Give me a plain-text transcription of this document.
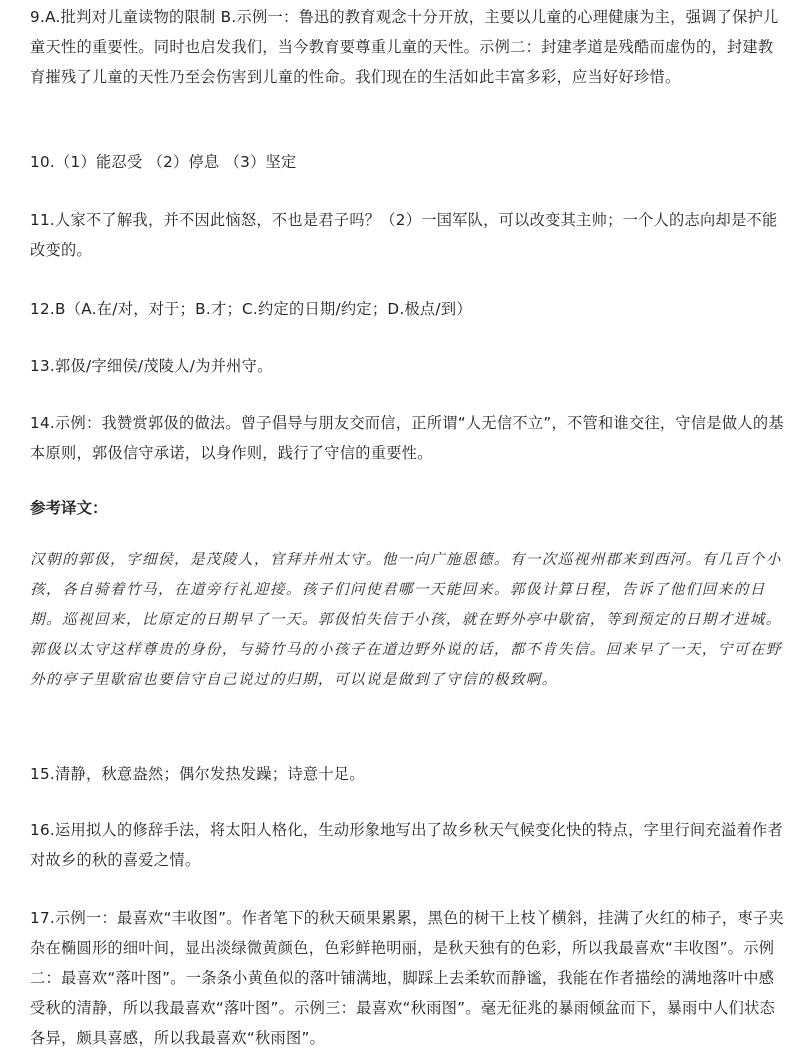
9.A.批判对儿童读物的限制 B.示例一：鲁迅的教育观念十分开放，主要以儿童的心理健康为主，强调了保护儿童天性的重要性。同时也启发我们，当今教育要尊重儿童的天性。示例二：封建孝道是残酷而虚伪的，封建教育摧残了儿童的天性乃至会伤害到儿童的性命。我们现在的生活如此丰富多彩，应当好好珍惜。

10.（1）能忍受 （2）停息 （3）坚定

11.人家不了解我，并不因此恼怒，不也是君子吗？（2）一国军队，可以改变其主帅；一个人的志向却是不能改变的。

12.B（A.在/对，对于；B.才；C.约定的日期/约定；D.极点/到）

13.郭伋/字细侯/茂陵人/为并州守。

14.示例：我赞赏郭伋的做法。曾子倡导与朋友交而信，正所谓“人无信不立”，不管和谁交往，守信是做人的基本原则，郭伋信守承诺，以身作则，践行了守信的重要性。

参考译文：

汉朝的郭伋，字细侯，是茂陵人，官拜并州太守。他一向广施恩德。有一次巡视州郡来到西河。有几百个小孩，各自骑着竹马，在道旁行礼迎接。孩子们问使君哪一天能回来。郭伋计算日程，告诉了他们回来的日期。巡视回来，比原定的日期早了一天。郭伋怕失信于小孩，就在野外亭中歇宿，等到预定的日期才进城。郭伋以太守这样尊贵的身份，与骑竹马的小孩子在道边野外说的话，都不肯失信。回来早了一天，宁可在野外的亭子里歇宿也要信守自己说过的归期，可以说是做到了守信的极致啊。

15.清静，秋意盎然；偶尔发热发躁；诗意十足。

16.运用拟人的修辞手法，将太阳人格化，生动形象地写出了故乡秋天气候变化快的特点，字里行间充溢着作者对故乡的秋的喜爱之情。

17.示例一：最喜欢“丰收图”。作者笔下的秋天硕果累累，黑色的树干上枝丫横斜，挂满了火红的柿子，枣子夹杂在椭圆形的细叶间，显出淡绿微黄颜色，色彩鲜艳明丽，是秋天独有的色彩，所以我最喜欢“丰收图”。示例二：最喜欢“落叶图”。一条条小黄鱼似的落叶铺满地，脚踩上去柔软而静谧，我能在作者描绘的满地落叶中感受秋的清静，所以我最喜欢“落叶图”。示例三：最喜欢“秋雨图”。毫无征兆的暴雨倾盆而下，暴雨中人们状态各异，颇具喜感，所以我最喜欢“秋雨图”。
